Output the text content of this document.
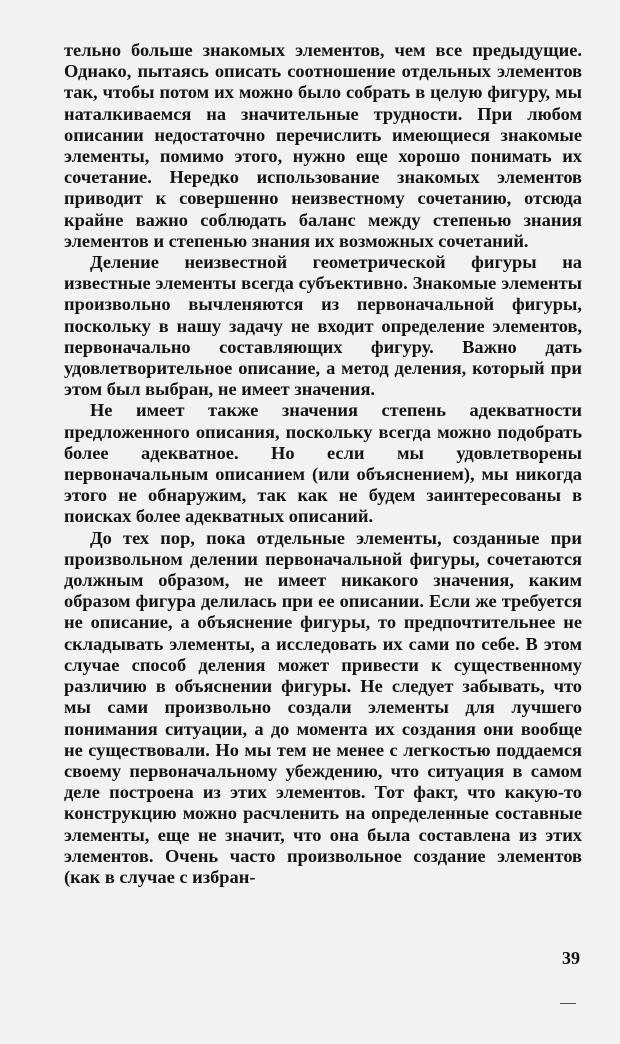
тельно больше знакомых элементов, чем все предыдущие. Однако, пытаясь описать соотношение отдельных элементов так, чтобы потом их можно было собрать в целую фигуру, мы наталкиваемся на значительные трудности. При любом описании недостаточно перечислить имеющиеся знакомые элементы, помимо этого, нужно еще хорошо понимать их сочетание. Нередко использование знакомых элементов приводит к совершенно неизвестному сочетанию, отсюда крайне важно соблюдать баланс между степенью знания элементов и степенью знания их возможных сочетаний.

Деление неизвестной геометрической фигуры на известные элементы всегда субъективно. Знакомые элементы произвольно вычленяются из первоначальной фигуры, поскольку в нашу задачу не входит определение элементов, первоначально составляющих фигуру. Важно дать удовлетворительное описание, а метод деления, который при этом был выбран, не имеет значения.

Не имеет также значения степень адекватности предложенного описания, поскольку всегда можно подобрать более адекватное. Но если мы удовлетворены первоначальным описанием (или объяснением), мы никогда этого не обнаружим, так как не будем заинтересованы в поисках более адекватных описаний.

До тех пор, пока отдельные элементы, созданные при произвольном делении первоначальной фигуры, сочетаются должным образом, не имеет никакого значения, каким образом фигура делилась при ее описании. Если же требуется не описание, а объяснение фигуры, то предпочтительнее не складывать элементы, а исследовать их сами по себе. В этом случае способ деления может привести к существенному различию в объяснении фигуры. Не следует забывать, что мы сами произвольно создали элементы для лучшего понимания ситуации, а до момента их создания они вообще не существовали. Но мы тем не менее с легкостью поддаемся своему первоначальному убеждению, что ситуация в самом деле построена из этих элементов. Тот факт, что какую-то конструкцию можно расчленить на определенные составные элементы, еще не значит, что она была составлена из этих элементов. Очень часто произвольное создание элементов (как в случае с избран-

39
